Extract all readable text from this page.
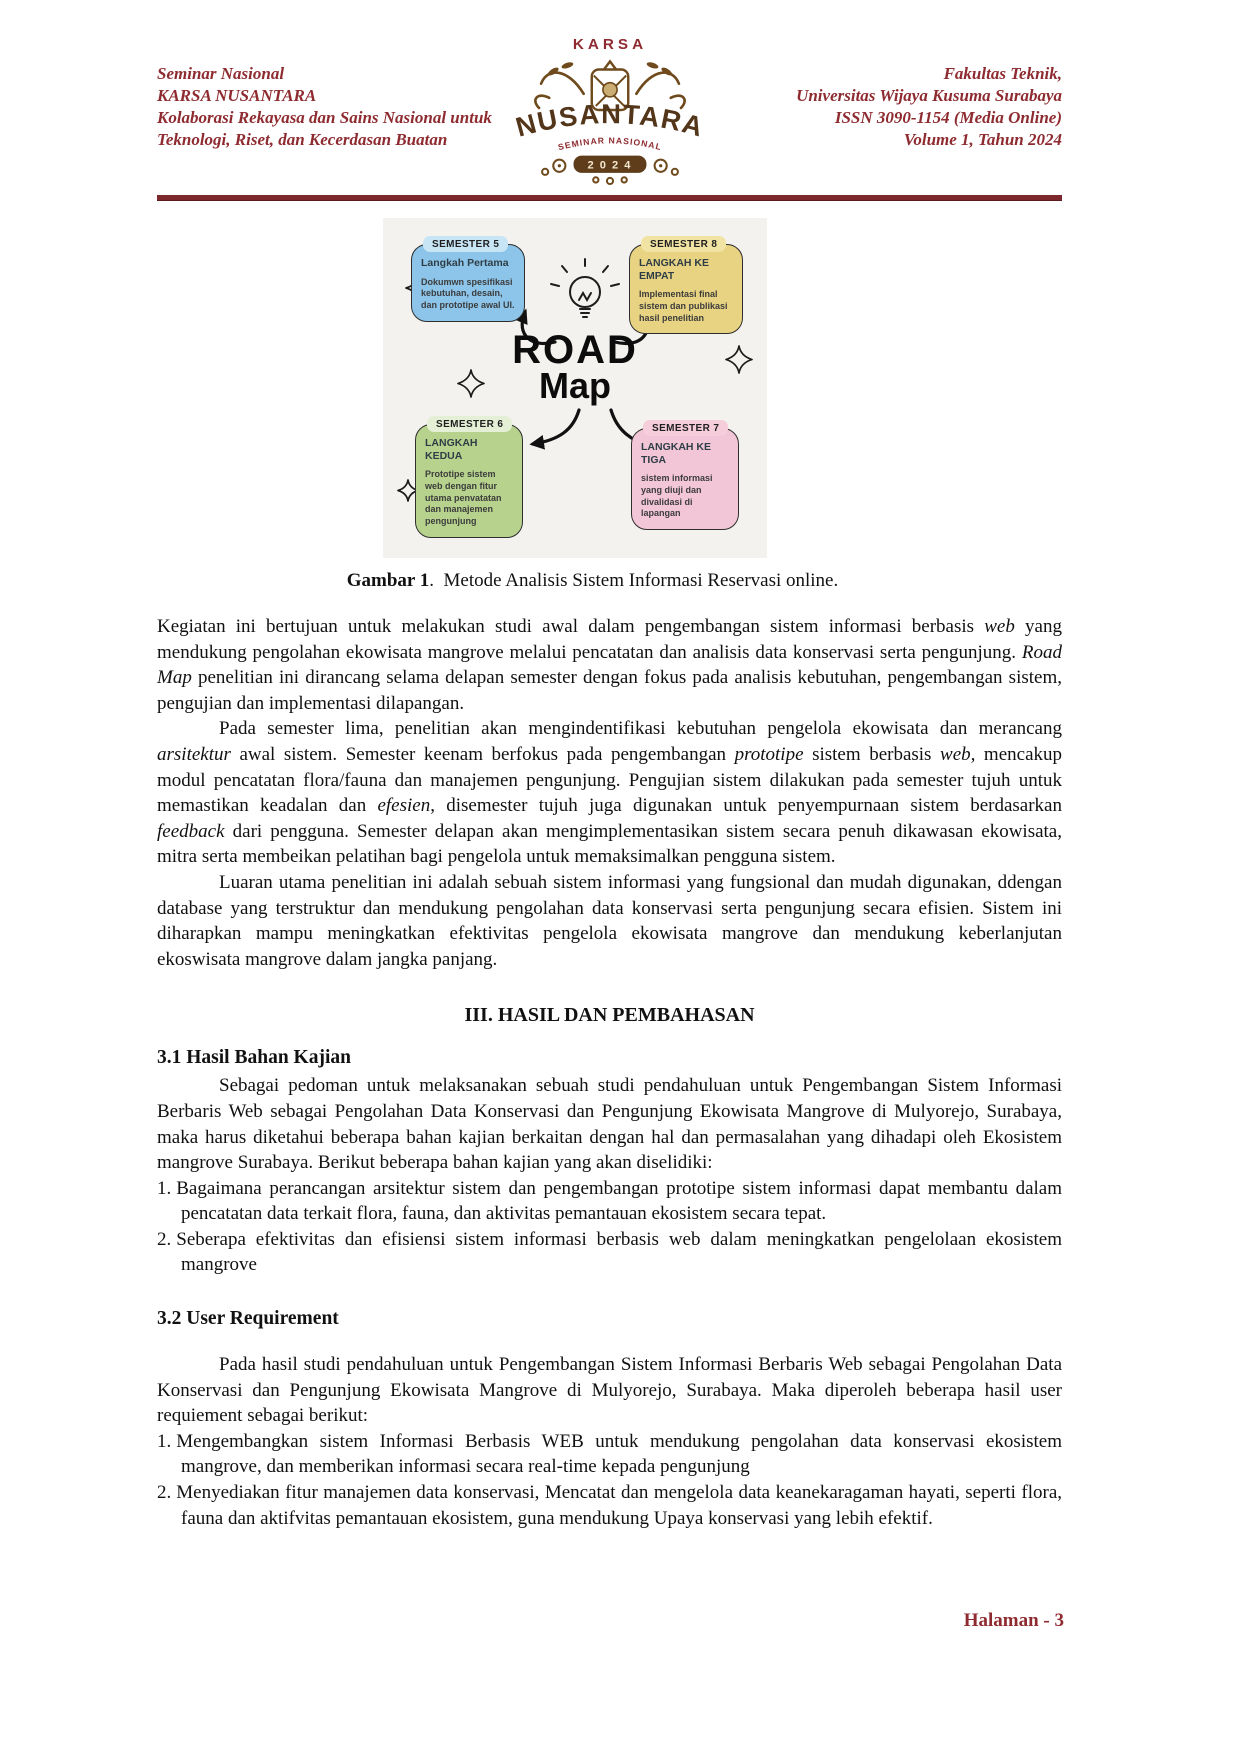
Seminar Nasional
KARSA NUSANTARA
Kolaborasi Rekayasa dan Sains Nasional untuk
Teknologi, Riset, dan Kecerdasan Buatan
KARSA
NUSANTARA
SEMINAR NASIONAL
2024
Fakultas Teknik,
Universitas Wijaya Kusuma Surabaya
ISSN 3090-1154 (Media Online)
Volume 1, Tahun 2024
SEMESTER 5
Langkah Pertama
Dokumwn spesifikasi kebutuhan, desain, dan prototipe awal UI.
SEMESTER 8
LANGKAH KE EMPAT
Implementasi final sistem dan publikasi hasil penelitian
SEMESTER 6
LANGKAH KEDUA
Prototipe sistem web dengan fitur utama penvatatan dan manajemen pengunjung
SEMESTER 7
LANGKAH KE TIGA
sistem informasi yang diuji dan divalidasi di lapangan
ROAD
Map
Gambar 1.  Metode Analisis Sistem Informasi Reservasi online.
Kegiatan ini bertujuan untuk melakukan studi awal dalam pengembangan sistem informasi berbasis web yang mendukung pengolahan ekowisata mangrove melalui pencatatan dan analisis data konservasi serta pengunjung. Road Map penelitian ini dirancang selama delapan semester dengan fokus pada analisis kebutuhan, pengembangan sistem, pengujian dan implementasi dilapangan.
Pada semester lima, penelitian akan mengindentifikasi kebutuhan pengelola ekowisata dan merancang arsitektur awal sistem. Semester keenam berfokus pada pengembangan prototipe sistem berbasis web, mencakup modul pencatatan flora/fauna dan manajemen pengunjung. Pengujian sistem dilakukan pada semester tujuh untuk memastikan keadalan dan efesien, disemester tujuh juga digunakan untuk penyempurnaan sistem berdasarkan feedback dari pengguna. Semester delapan akan mengimplementasikan sistem secara penuh dikawasan ekowisata, mitra serta membeikan pelatihan bagi pengelola untuk memaksimalkan pengguna sistem.
Luaran utama penelitian ini adalah sebuah sistem informasi yang fungsional dan mudah digunakan, ddengan database yang terstruktur dan mendukung pengolahan data konservasi serta pengunjung secara efisien. Sistem ini diharapkan mampu meningkatkan efektivitas pengelola ekowisata mangrove dan mendukung keberlanjutan ekoswisata mangrove dalam jangka panjang.
III. HASIL DAN PEMBAHASAN
3.1 Hasil Bahan Kajian
Sebagai pedoman untuk melaksanakan sebuah studi pendahuluan untuk Pengembangan Sistem Informasi Berbaris Web sebagai Pengolahan Data Konservasi dan Pengunjung Ekowisata Mangrove di Mulyorejo, Surabaya, maka harus diketahui beberapa bahan kajian berkaitan dengan hal dan permasalahan yang dihadapi oleh Ekosistem mangrove Surabaya. Berikut beberapa bahan kajian yang akan diselidiki:
1. Bagaimana perancangan arsitektur sistem dan pengembangan prototipe sistem informasi dapat membantu dalam pencatatan data terkait flora, fauna, dan aktivitas pemantauan ekosistem secara tepat.
2. Seberapa efektivitas dan efisiensi sistem informasi berbasis web dalam meningkatkan pengelolaan ekosistem mangrove
3.2 User Requirement
Pada hasil studi pendahuluan untuk Pengembangan Sistem Informasi Berbaris Web sebagai Pengolahan Data Konservasi dan Pengunjung Ekowisata Mangrove di Mulyorejo, Surabaya. Maka diperoleh beberapa hasil user requiement sebagai berikut:
1. Mengembangkan sistem Informasi Berbasis WEB untuk mendukung pengolahan data konservasi ekosistem mangrove, dan memberikan informasi secara real-time kepada pengunjung
2. Menyediakan fitur manajemen data konservasi, Mencatat dan mengelola data keanekaragaman hayati, seperti flora, fauna dan aktifvitas pemantauan ekosistem, guna mendukung Upaya konservasi yang lebih efektif.
Halaman - 3
